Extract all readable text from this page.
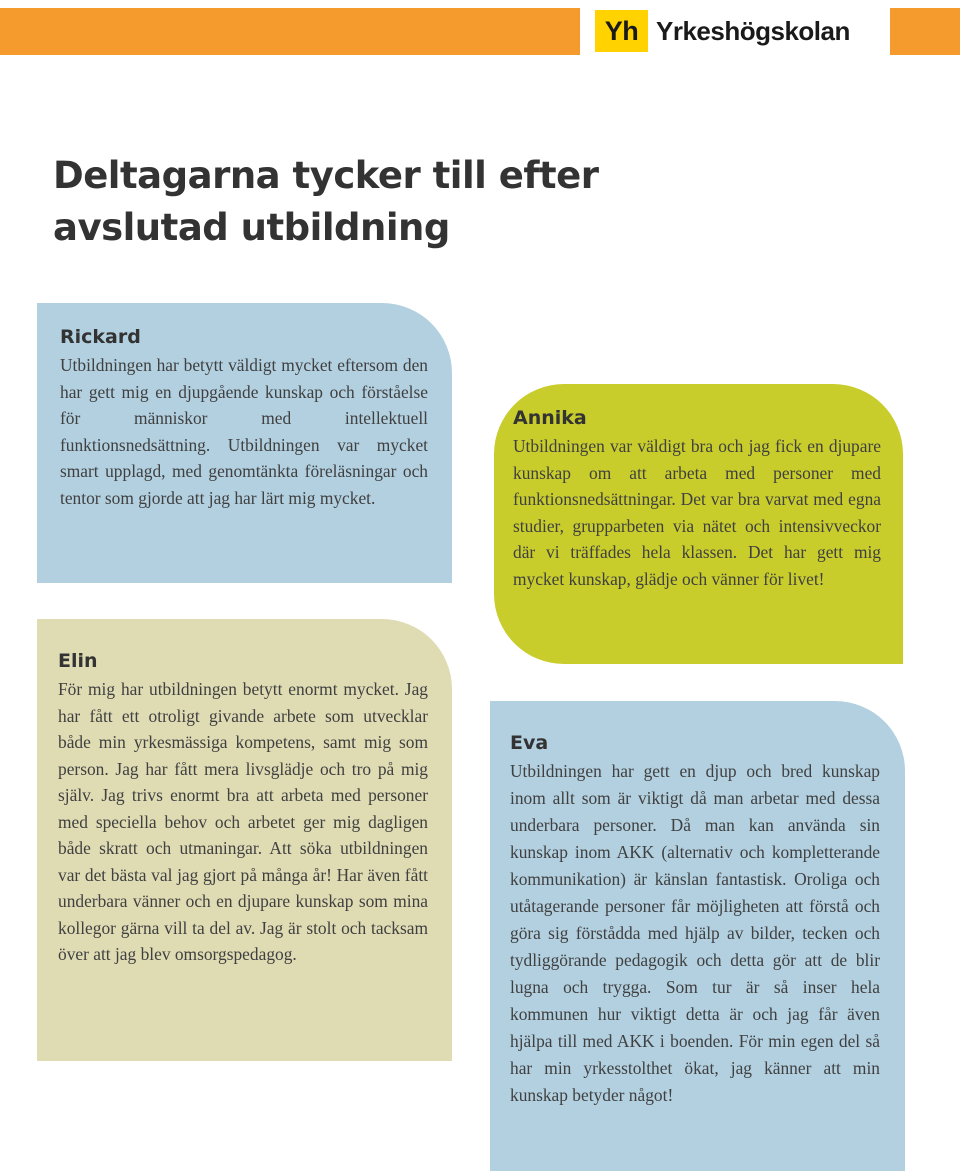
Yh Yrkeshögskolan
Deltagarna tycker till efter avslutad utbildning

Rickard

Utbildningen har betytt väldigt mycket eftersom den har gett mig en djupgående kunskap och förståelse för människor med intellektuell funktionsnedsättning. Utbildningen var mycket smart upplagd, med genomtänkta föreläsningar och tentor som gjorde att jag har lärt mig mycket.

Annika

Utbildningen var väldigt bra och jag fick en djupare kunskap om att arbeta med personer med funktionsnedsättningar. Det var bra varvat med egna studier, grupparbeten via nätet och intensivveckor där vi träffades hela klassen. Det har gett mig mycket kunskap, glädje och vänner för livet!

Elin

För mig har utbildningen betytt enormt mycket. Jag har fått ett otroligt givande arbete som utvecklar både min yrkesmässiga kompetens, samt mig som person. Jag har fått mera livsglädje och tro på mig själv. Jag trivs enormt bra att arbeta med personer med speciella behov och arbetet ger mig dagligen både skratt och utmaningar. Att söka utbildningen var det bästa val jag gjort på många år! Har även fått underbara vänner och en djupare kunskap som mina kollegor gärna vill ta del av. Jag är stolt och tacksam över att jag blev omsorgspedagog.

Eva

Utbildningen har gett en djup och bred kunskap inom allt som är viktigt då man arbetar med dessa underbara personer. Då man kan använda sin kunskap inom AKK (alternativ och kompletterande kommunikation) är känslan fantastisk. Oroliga och utåtagerande personer får möjligheten att förstå och göra sig förstådda med hjälp av bilder, tecken och tydliggörande pedagogik och detta gör att de blir lugna och trygga. Som tur är så inser hela kommunen hur viktigt detta är och jag får även hjälpa till med AKK i boenden. För min egen del så har min yrkesstolthet ökat, jag känner att min kunskap betyder något!
